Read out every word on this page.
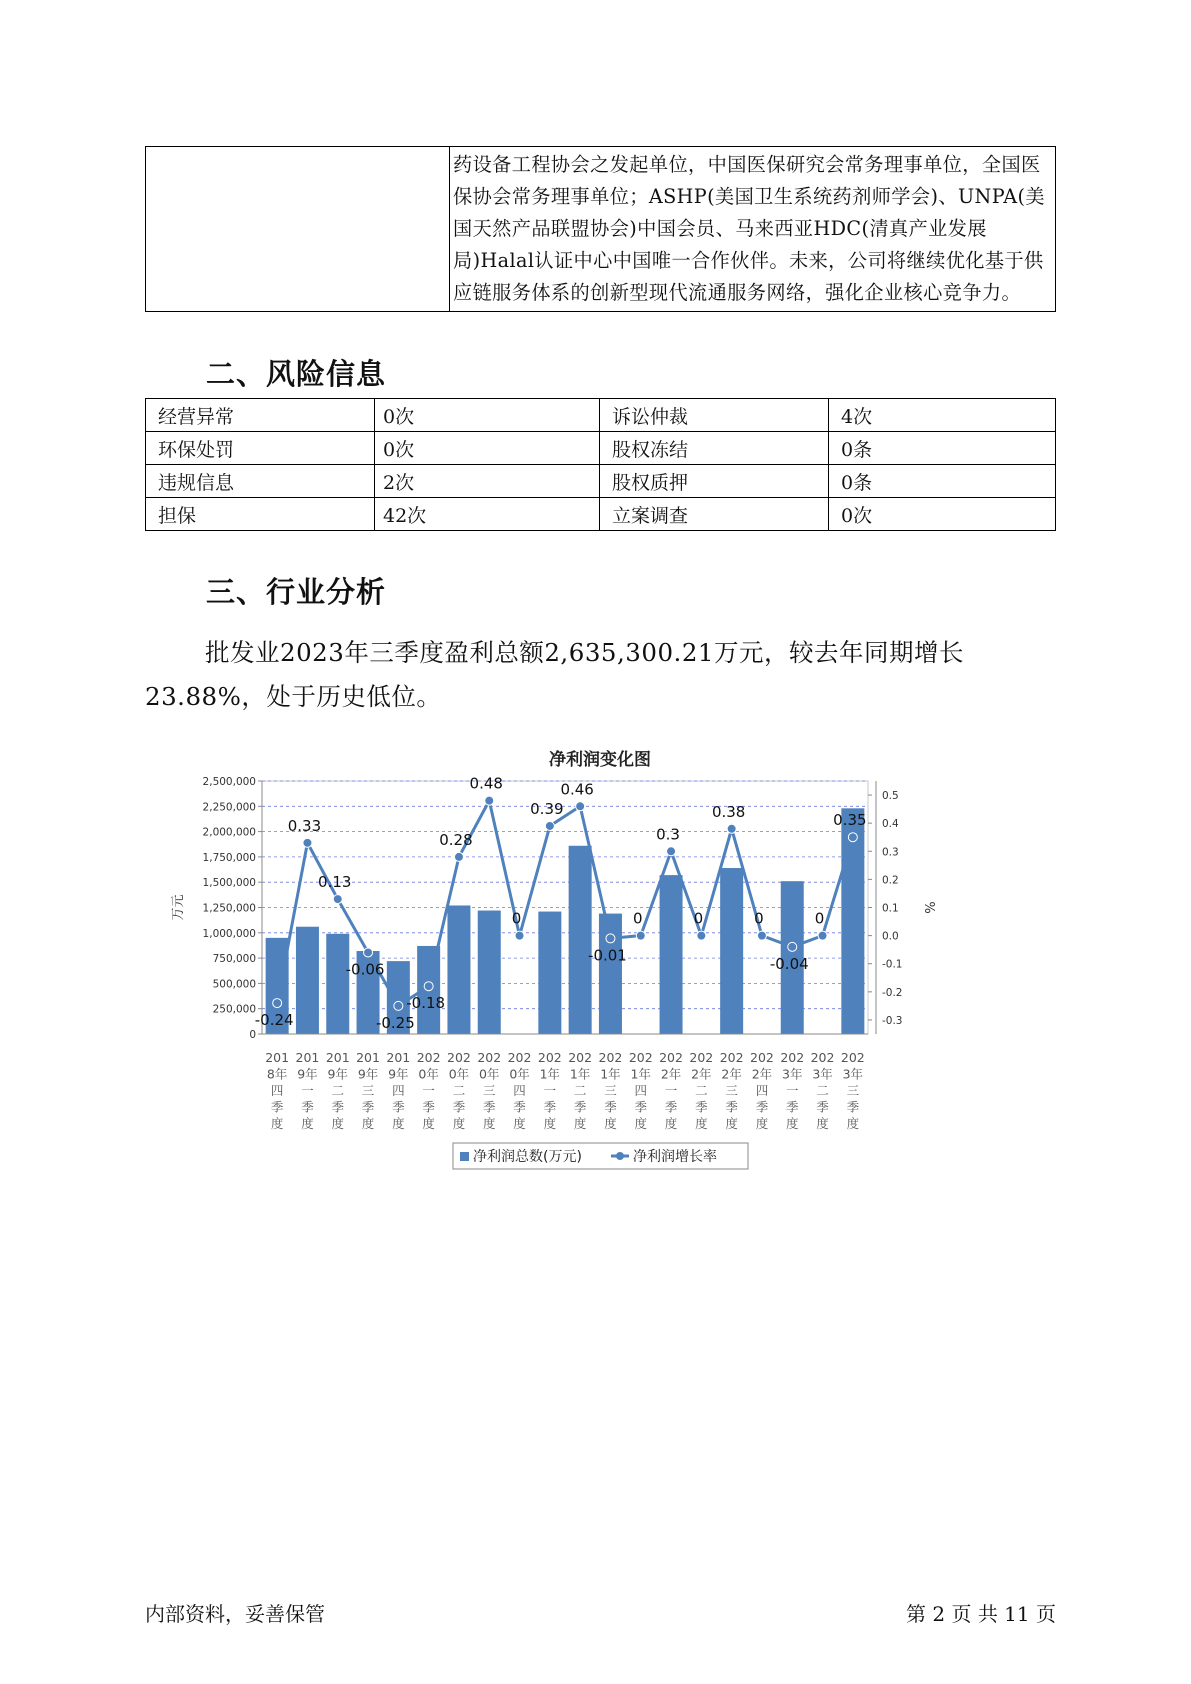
	药设备工程协会之发起单位，中国医保研究会常务理事单位，全国医保协会常务理事单位；ASHP(美国卫生系统药剂师学会)、UNPA(美国天然产品联盟协会)中国会员、马来西亚HDC(清真产业发展局)Halal认证中心中国唯一合作伙伴。未来，公司将继续优化基于供应链服务体系的创新型现代流通服务网络，强化企业核心竞争力。
二、风险信息
经营异常	0次	诉讼仲裁	4次
环保处罚	0次	股权冻结	0条
违规信息	2次	股权质押	0条
担保	42次	立案调查	0次
三、行业分析
批发业2023年三季度盈利总额2,635,300.21万元，较去年同期增长23.88%，处于历史低位。
净利润变化图
0
250,000
500,000
750,000
1,000,000
1,250,000
1,500,000
1,750,000
2,000,000
2,250,000
2,500,000
-0.3
-0.2
-0.1
0.0
0.1
0.2
0.3
0.4
0.5
万元	%
201 8年四季度
201 9年一季度
201 9年二季度
201 9年三季度
201 9年四季度
202 0年一季度
202 0年二季度
202 0年三季度
202 0年四季度
202 1年一季度
202 1年二季度
202 1年三季度
202 1年四季度
202 2年一季度
202 2年二季度
202 2年三季度
202 2年四季度
202 3年一季度
202 3年二季度
202 3年三季度
-0.24
0.33
0.13
-0.06
-0.25
-0.18
0.28
0.48
0
0.39
0.46
-0.01
0
0.3
0
0.38
0
-0.04
0
0.35
净利润总数(万元)	净利润增长率
内部资料，妥善保管	第 2 页 共 11 页
